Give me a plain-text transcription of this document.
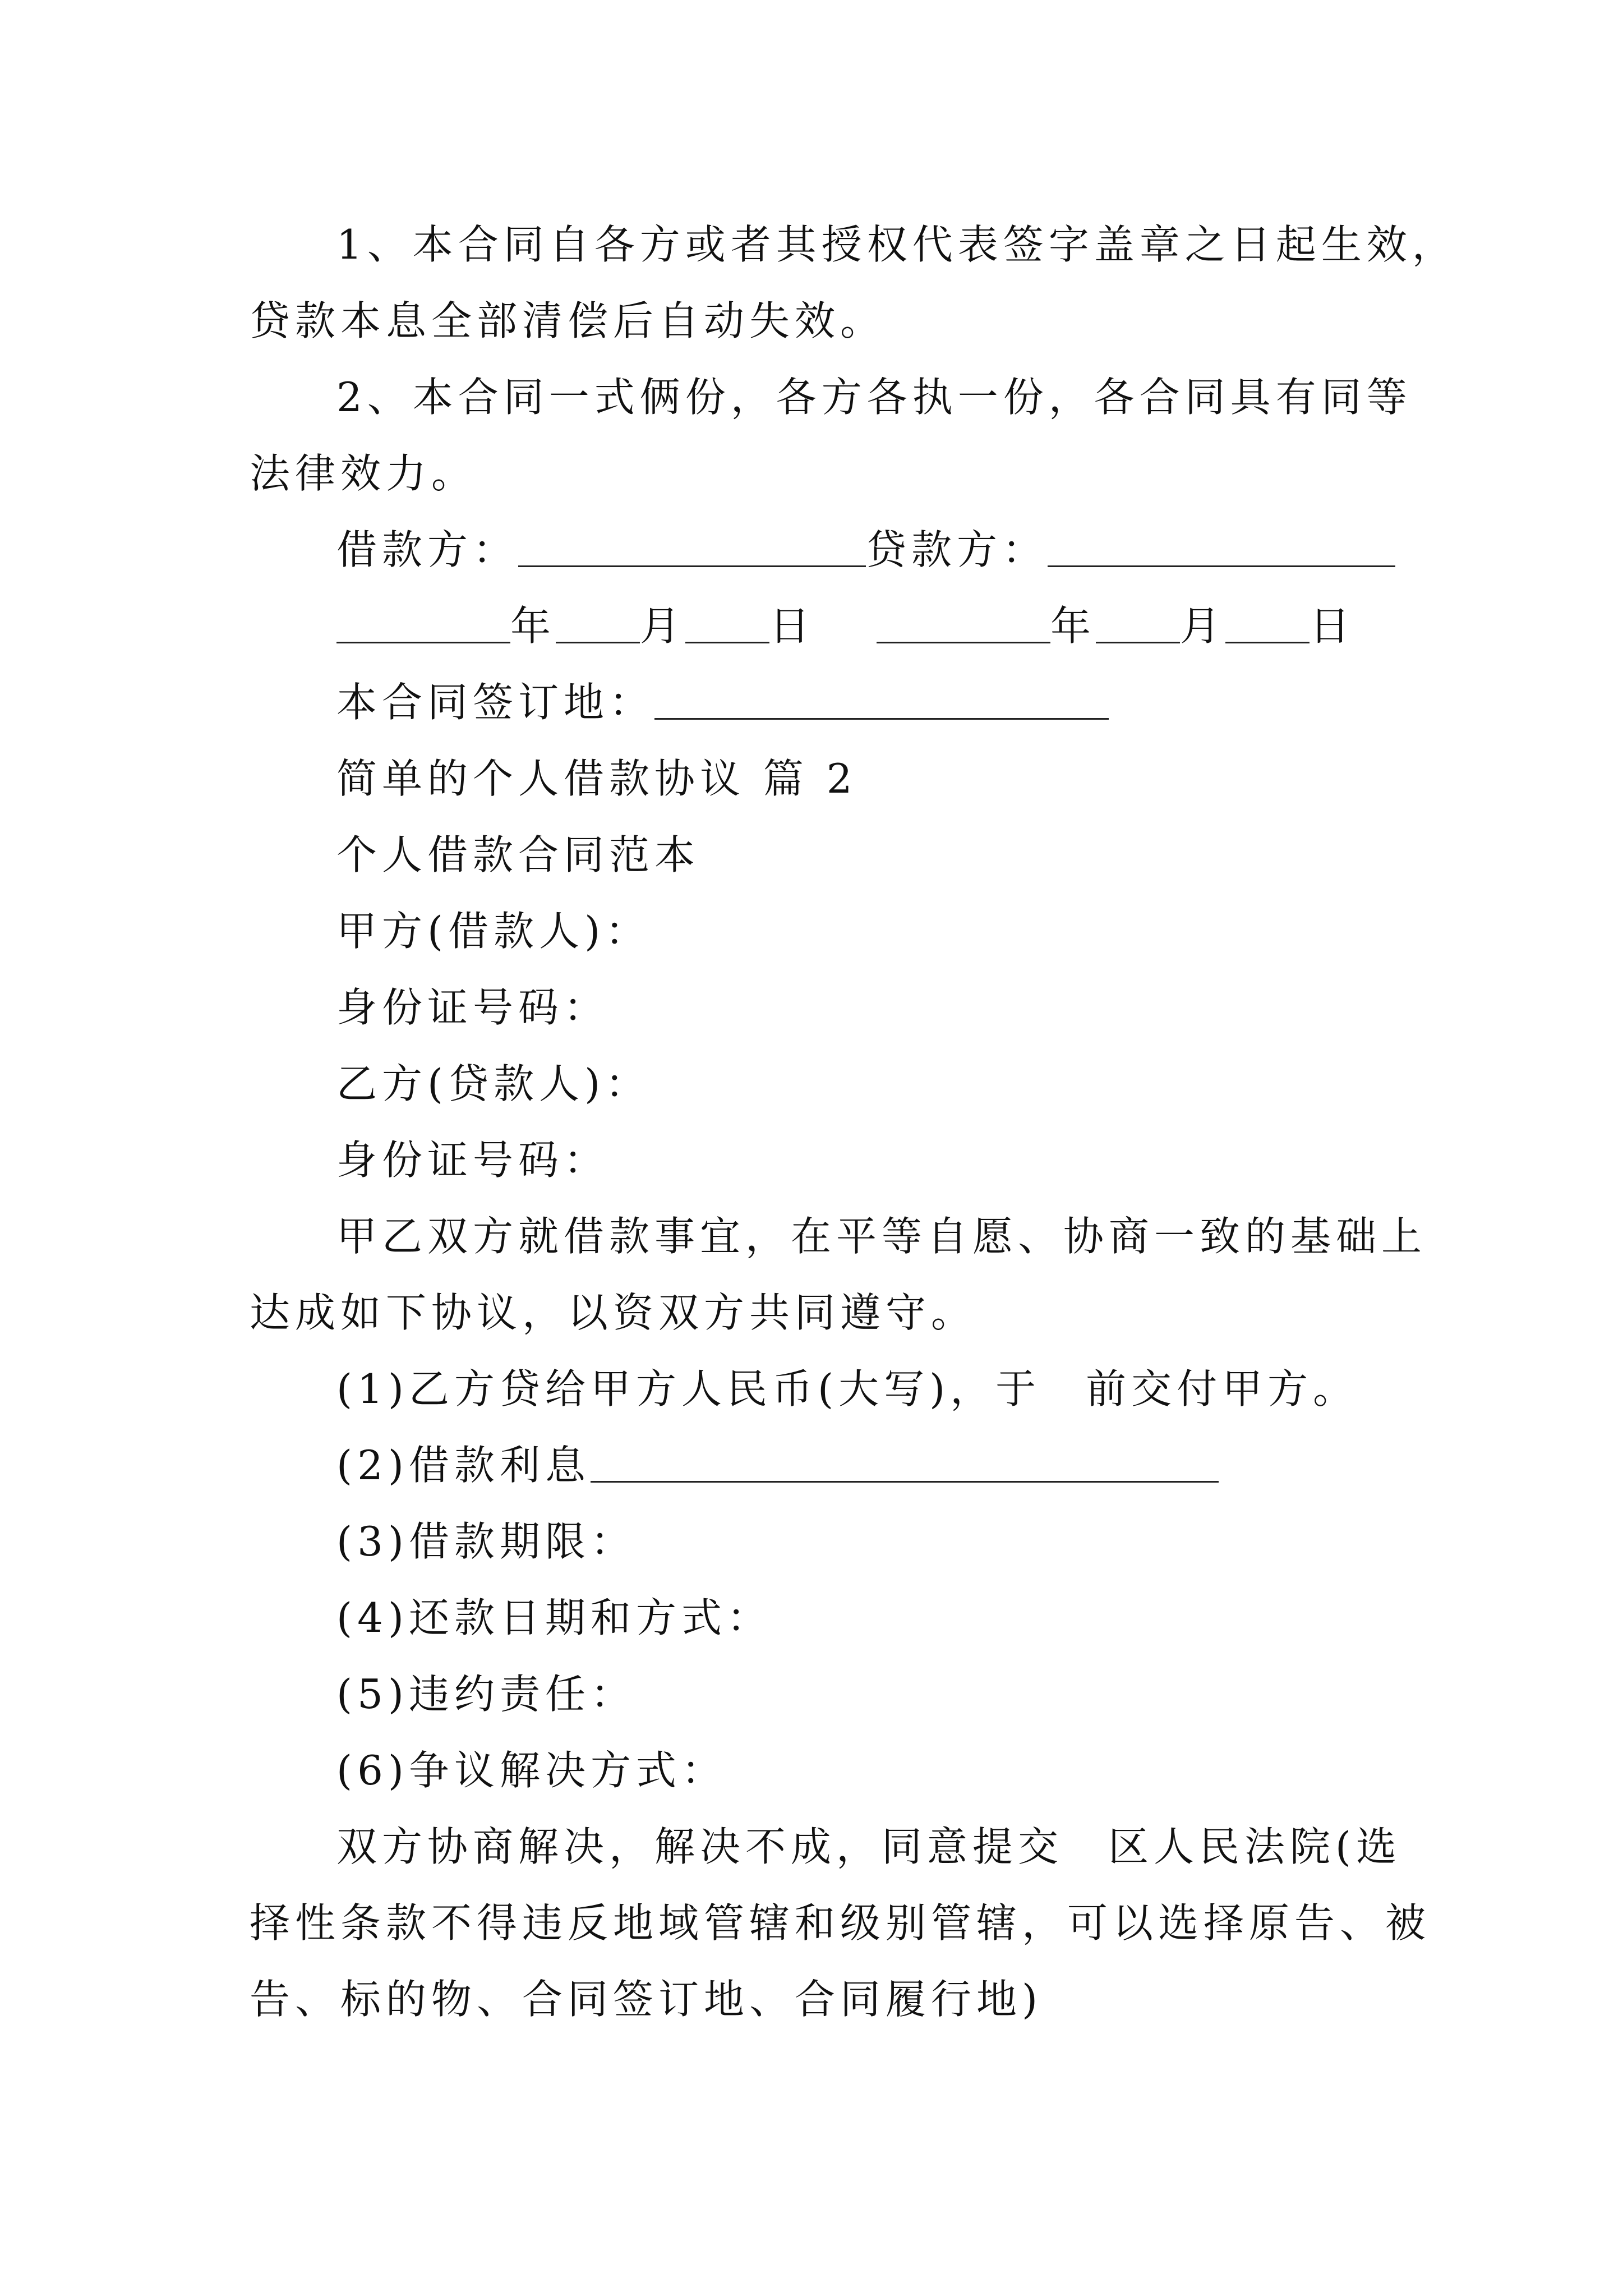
1、本合同自各方或者其授权代表签字盖章之日起生效，
贷款本息全部清偿后自动失效。
2、本合同一式俩份，各方各执一份，各合同具有同等
法律效力。
借款方：	贷款方：
年 月 日	年 月 日
本合同签订地：
简单的个人借款协议 篇 2
个人借款合同范本
甲方(借款人)：
身份证号码：
乙方(贷款人)：
身份证号码：
甲乙双方就借款事宜，在平等自愿、协商一致的基础上
达成如下协议，以资双方共同遵守。
(1)乙方贷给甲方人民币(大写)，于 前交付甲方。
(2)借款利息
(3)借款期限：
(4)还款日期和方式：
(5)违约责任：
(6)争议解决方式：
双方协商解决，解决不成，同意提交 区人民法院(选
择性条款不得违反地域管辖和级别管辖，可以选择原告、被
告、标的物、合同签订地、合同履行地)
